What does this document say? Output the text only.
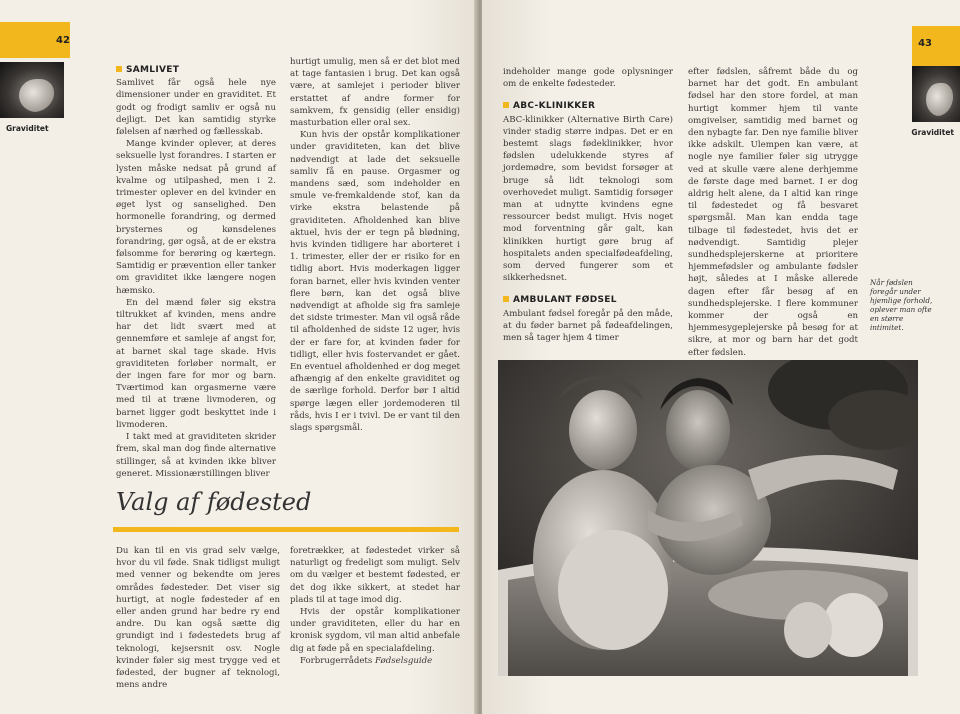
42
Graviditet
SAMLIVET

Samlivet får også hele nye dimensioner under en graviditet. Et godt og frodigt samliv er også nu dejligt. Det kan samtidig styrke følelsen af nærhed og fællesskab.

Mange kvinder oplever, at deres seksuelle lyst forandres. I starten er lysten måske nedsat på grund af kvalme og utilpashed, men i 2. trimester oplever en del kvinder en øget lyst og sanselighed. Den hormonelle forandring, og dermed brysternes og kønsdelenes forandring, gør også, at de er ekstra følsomme for berøring og kærtegn. Samtidig er prævention eller tanker om graviditet ikke længere nogen hæmsko.

En del mænd føler sig ekstra tiltrukket af kvinden, mens andre har det lidt svært med at gennemføre et samleje af angst for, at barnet skal tage skade. Hvis graviditeten forløber normalt, er der ingen fare for mor og barn. Tværtimod kan orgasmerne være med til at træne livmoderen, og barnet ligger godt beskyttet inde i livmoderen.

I takt med at graviditeten skrider frem, skal man dog finde alternative stillinger, så at kvinden ikke bliver generet. Missionærstillingen bliver

hurtigt umulig, men så er det blot med at tage fantasien i brug. Det kan også være, at samlejet i perioder bliver erstattet af andre former for samkvem, fx gensidig (eller ensidig) masturbation eller oral sex.

Kun hvis der opstår komplikationer under graviditeten, kan det blive nødvendigt at lade det seksuelle samliv få en pause. Orgasmer og mandens sæd, som indeholder en smule ve-fremkaldende stof, kan da virke ekstra belastende på graviditeten. Afholdenhed kan blive aktuel, hvis der er tegn på blødning, hvis kvinden tidligere har aborteret i 1. trimester, eller der er risiko for en tidlig abort. Hvis moderkagen ligger foran barnet, eller hvis kvinden venter flere børn, kan det også blive nødvendigt at afholde sig fra samleje det sidste trimester. Man vil også råde til afholdenhed de sidste 12 uger, hvis der er fare for, at kvinden føder for tidligt, eller hvis fostervandet er gået. En eventuel afholdenhed er dog meget afhængig af den enkelte graviditet og de særlige forhold. Derfor bør I altid spørge lægen eller jordemoderen til råds, hvis I er i tvivl. De er vant til den slags spørgsmål.

Valg af fødested

Du kan til en vis grad selv vælge, hvor du vil føde. Snak tidligst muligt med venner og bekendte om jeres områdes fødesteder. Det viser sig hurtigt, at nogle fødesteder af en eller anden grund har bedre ry end andre. Du kan også sætte dig grundigt ind i fødestedets brug af teknologi, kejsersnit osv. Nogle kvinder føler sig mest trygge ved et fødested, der bugner af teknologi, mens andre

foretrækker, at fødestedet virker så naturligt og fredeligt som muligt. Selv om du vælger et bestemt fødested, er det dog ikke sikkert, at stedet har plads til at tage imod dig.

Hvis der opstår komplikationer under graviditeten, eller du har en kronisk sygdom, vil man altid anbefale dig at føde på en specialafdeling.

Forbrugerrådets Fødselsguide

43
Graviditet

indeholder mange gode oplysninger om de enkelte fødesteder.

ABC-KLINIKKER

ABC-klinikker (Alternative Birth Care) vinder stadig større indpas. Det er en bestemt slags fødeklinikker, hvor fødslen udelukkende styres af jordemødre, som bevidst forsøger at bruge så lidt teknologi som overhovedet muligt. Samtidig forsøger man at udnytte kvindens egne ressourcer bedst muligt. Hvis noget mod forventning går galt, kan klinikken hurtigt gøre brug af hospitalets anden specialfødeafdeling, som derved fungerer som et sikkerhedsnet.

AMBULANT FØDSEL

Ambulant fødsel foregår på den måde, at du føder barnet på fødeafdelingen, men så tager hjem 4 timer

efter fødslen, såfremt både du og barnet har det godt. En ambulant fødsel har den store fordel, at man hurtigt kommer hjem til vante omgivelser, samtidig med barnet og den nybagte far. Den nye familie bliver ikke adskilt. Ulempen kan være, at nogle nye familier føler sig utrygge ved at skulle være alene derhjemme de første dage med barnet. I er dog aldrig helt alene, da I altid kan ringe til fødestedet og få besvaret spørgsmål. Man kan endda tage tilbage til fødestedet, hvis det er nødvendigt. Samtidig plejer sundhedsplejerskerne at prioritere hjemmefødsler og ambulante fødsler højt, således at I måske allerede dagen efter får besøg af en sundhedsplejerske. I flere kommuner kommer der også en hjemmesygeplejerske på besøg for at sikre, at mor og barn har det godt efter fødslen.

Når fødslen foregår under hjemlige forhold, oplever man ofte en større intimitet.
